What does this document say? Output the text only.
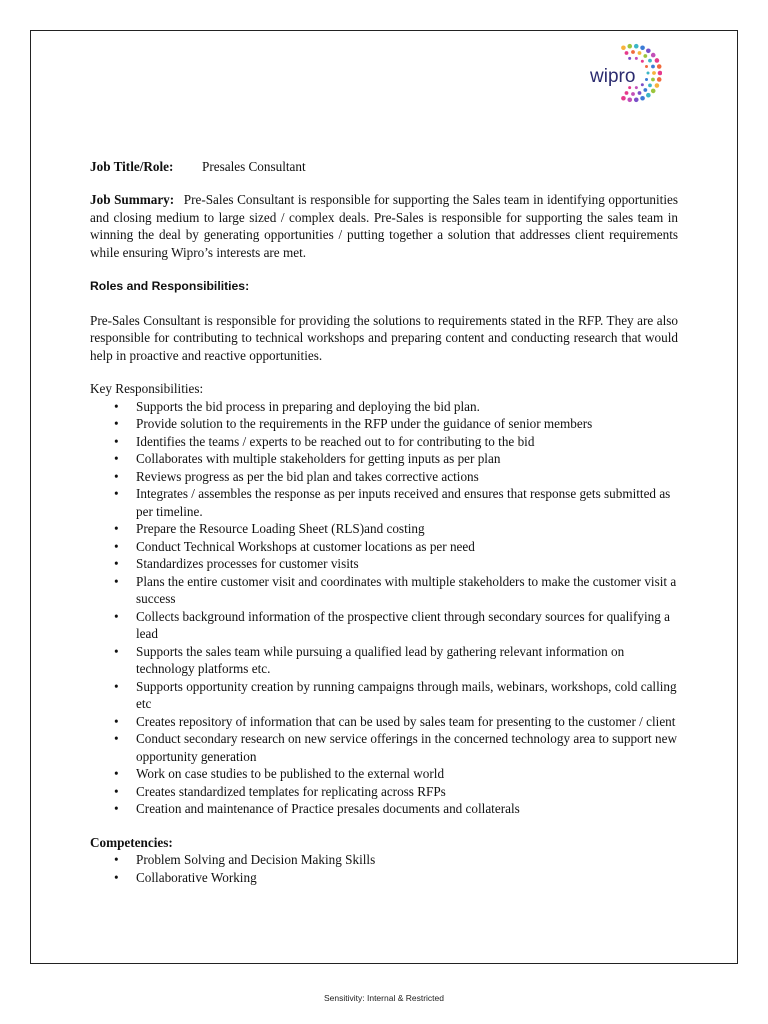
wipro

Job Title/Role: Presales Consultant

Job Summary: Pre-Sales Consultant is responsible for supporting the Sales team in identifying opportunities and closing medium to large sized / complex deals. Pre-Sales is responsible for supporting the sales team in winning the deal by generating opportunities / putting together a solution that addresses client requirements while ensuring Wipro’s interests are met.

Roles and Responsibilities:

Pre-Sales Consultant is responsible for providing the solutions to requirements stated in the RFP. They are also responsible for contributing to technical workshops and preparing content and conducting research that would help in proactive and reactive opportunities.

Key Responsibilities:

• Supports the bid process in preparing and deploying the bid plan.
• Provide solution to the requirements in the RFP under the guidance of senior members
• Identifies the teams / experts to be reached out to for contributing to the bid
• Collaborates with multiple stakeholders for getting inputs as per plan
• Reviews progress as per the bid plan and takes corrective actions
• Integrates / assembles the response as per inputs received and ensures that response gets submitted as per timeline.
• Prepare the Resource Loading Sheet (RLS)and costing
• Conduct Technical Workshops at customer locations as per need
• Standardizes processes for customer visits
• Plans the entire customer visit and coordinates with multiple stakeholders to make the customer visit a success
• Collects background information of the prospective client through secondary sources for qualifying a lead
• Supports the sales team while pursuing a qualified lead by gathering relevant information on technology platforms etc.
• Supports opportunity creation by running campaigns through mails, webinars, workshops, cold calling etc
• Creates repository of information that can be used by sales team for presenting to the customer / client
• Conduct secondary research on new service offerings in the concerned technology area to support new opportunity generation
• Work on case studies to be published to the external world
• Creates standardized templates for replicating across RFPs
• Creation and maintenance of Practice presales documents and collaterals

Competencies:

• Problem Solving and Decision Making Skills
• Collaborative Working
Sensitivity: Internal & Restricted
